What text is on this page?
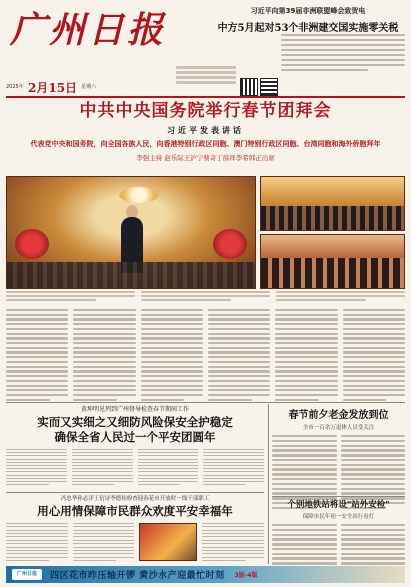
广州日报
2025年 2月15日 星期六
习近平向第39届非洲联盟峰会致贺电
中方5月起对53个非洲建交国实施零关税
中共中央国务院举行春节团拜会
习近平发表讲话
代表党中央和国务院，向全国各族人民，向香港特别行政区同胞、澳门特别行政区同胞、台湾同胞和海外侨胞拜年
李强主持 赵乐际王沪宁蔡奇丁薛祥李希韩正出席
黄坤明见列到广州督导检查春节期间工作
实而又实细之又细防风险保安全护稳定
确保全省人民过一个平安团圆年
冯忠华孙志洋王衍诗李德传检查迎春花市开放时一线干部职工
用心用情保障市民群众欢度平安幸福年
春节前夕老金发放到位
全市一百余万退休人员受关注
个别地铁站将设"站外安检"
保障市民年初一安全出行看灯
广州日报	四区花市昨压轴开锣 黄沙水产迎最忙时刻 3版-4版
